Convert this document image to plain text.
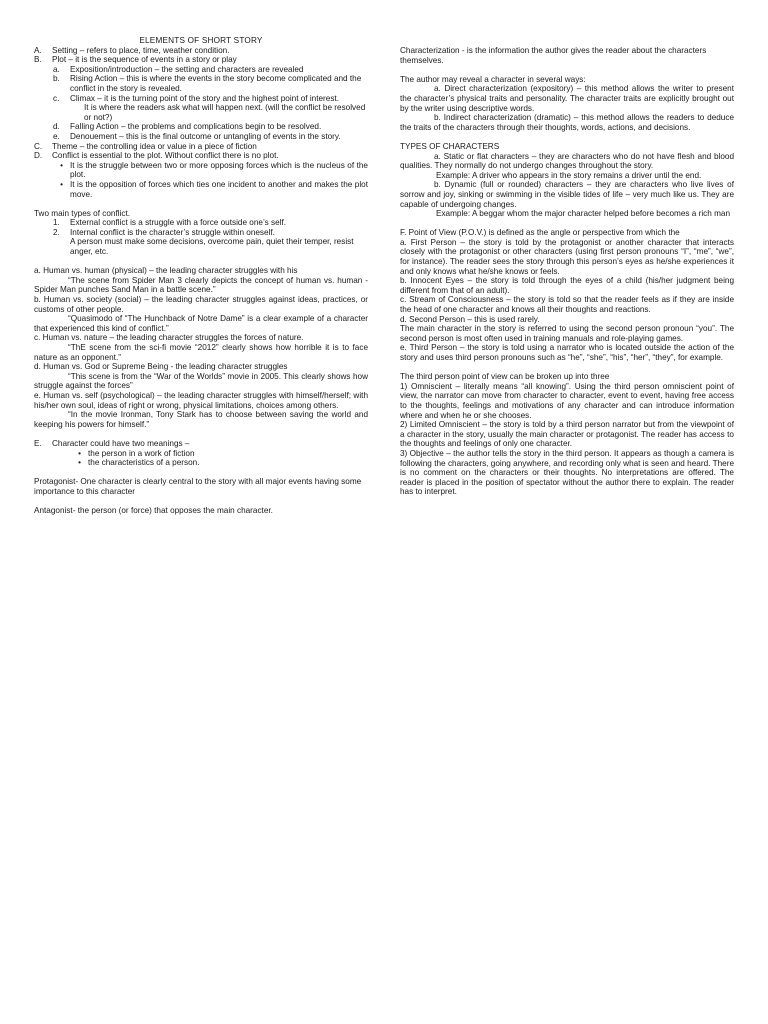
ELEMENTS OF SHORT STORY

A.	Setting – refers to place, time, weather condition.
B.	Plot – it is the sequence of events in a story or play
a.	Exposition/introduction – the setting and characters are revealed
b.	Rising Action – this is where the events in the story become complicated and the conflict in the story is revealed.
c.	Climax – it is the turning point of the story and the highest point of interest.

It is where the readers ask what will happen next. (will the conflict be resolved or not?)

d.	Falling Action – the problems and complications begin to be resolved.
e.	Denouement – this is the final outcome or untangling of events in the story.
C.	Theme – the controlling idea or value in a piece of fiction
D.	Conflict is essential to the plot. Without conflict there is no plot.
• It is the struggle between two or more opposing forces which is the nucleus of the plot.
• It is the opposition of forces which ties one incident to another and makes the plot move.

Two main types of conflict.

1.	External conflict is a struggle with a force outside one’s self.
2.	Internal conflict is the character’s struggle within oneself.

A person must make some decisions, overcome pain, quiet their temper, resist anger, etc.

a. Human vs. human (physical) – the leading character struggles with his

“The scene from Spider Man 3 clearly depicts the concept of human vs. human - Spider Man punches Sand Man in a battle scene.”

b. Human vs. society (social) – the leading character struggles against ideas, practices, or customs of other people.

“Quasimodo of “The Hunchback of Notre Dame” is a clear example of a character that experienced this kind of conflict.”

c. Human vs. nature – the leading character struggles the forces of nature.

“ThE scene from the sci-fi movie “2012” clearly shows how horrible it is to face nature as an opponent.”

d. Human vs. God or Supreme Being - the leading character struggles

“This scene is from the “War of the Worlds” movie in 2005. This clearly shows how struggle against the forces”

e. Human vs. self (psychological) – the leading character struggles with himself/herself; with his/her own soul, ideas of right or wrong, physical limitations, choices among others.

“In the movie Ironman, Tony Stark has to choose between saving the world and keeping his powers for himself.”

E.	Character could have two meanings –
• the person in a work of fiction
• the characteristics of a person.

Protagonist- One character is clearly central to the story with all major events having some importance to this character

Antagonist- the person (or force) that opposes the main character.

Characterization - is the information the author gives the reader about the characters themselves.

The author may reveal a character in several ways:

a. Direct characterization (expository) – this method allows the writer to present the character’s physical traits and personality. The character traits are explicitly brought out by the writer using descriptive words.

b. Indirect characterization (dramatic) – this method allows the readers to deduce the traits of the characters through their thoughts, words, actions, and decisions.

TYPES OF CHARACTERS

a. Static or flat characters – they are characters who do not have flesh and blood qualities. They normally do not undergo changes throughout the story.

Example: A driver who appears in the story remains a driver until the end.

b. Dynamic (full or rounded) characters – they are characters who live lives of sorrow and joy, sinking or swimming in the visible tides of life – very much like us. They are capable of undergoing changes.

Example: A beggar whom the major character helped before becomes a rich man

F. Point of View (P.O.V.) is defined as the angle or perspective from which the

a. First Person – the story is told by the protagonist or another character that interacts closely with the protagonist or other characters (using first person pronouns “I”, “me”, “we”, for instance). The reader sees the story through this person’s eyes as he/she experiences it and only knows what he/she knows or feels.

b. Innocent Eyes – the story is told through the eyes of a child (his/her judgment being different from that of an adult).

c. Stream of Consciousness – the story is told so that the reader feels as if they are inside the head of one character and knows all their thoughts and reactions.

d. Second Person – this is used rarely.

The main character in the story is referred to using the second person pronoun “you”. The second person is most often used in training manuals and role-playing games.

e. Third Person – the story is told using a narrator who is located outside the action of the story and uses third person pronouns such as “he”, “she”, “his”, “her”, “they”, for example.

The third person point of view can be broken up into three

1) Omniscient – literally means “all knowing”. Using the third person omniscient point of view, the narrator can move from character to character, event to event, having free access to the thoughts, feelings and motivations of any character and can introduce information where and when he or she chooses.

2) Limited Omniscient – the story is told by a third person narrator but from the viewpoint of a character in the story, usually the main character or protagonist. The reader has access to the thoughts and feelings of only one character.

3) Objective – the author tells the story in the third person. It appears as though a camera is following the characters, going anywhere, and recording only what is seen and heard. There is no comment on the characters or their thoughts. No interpretations are offered. The reader is placed in the position of spectator without the author there to explain. The reader has to interpret.
